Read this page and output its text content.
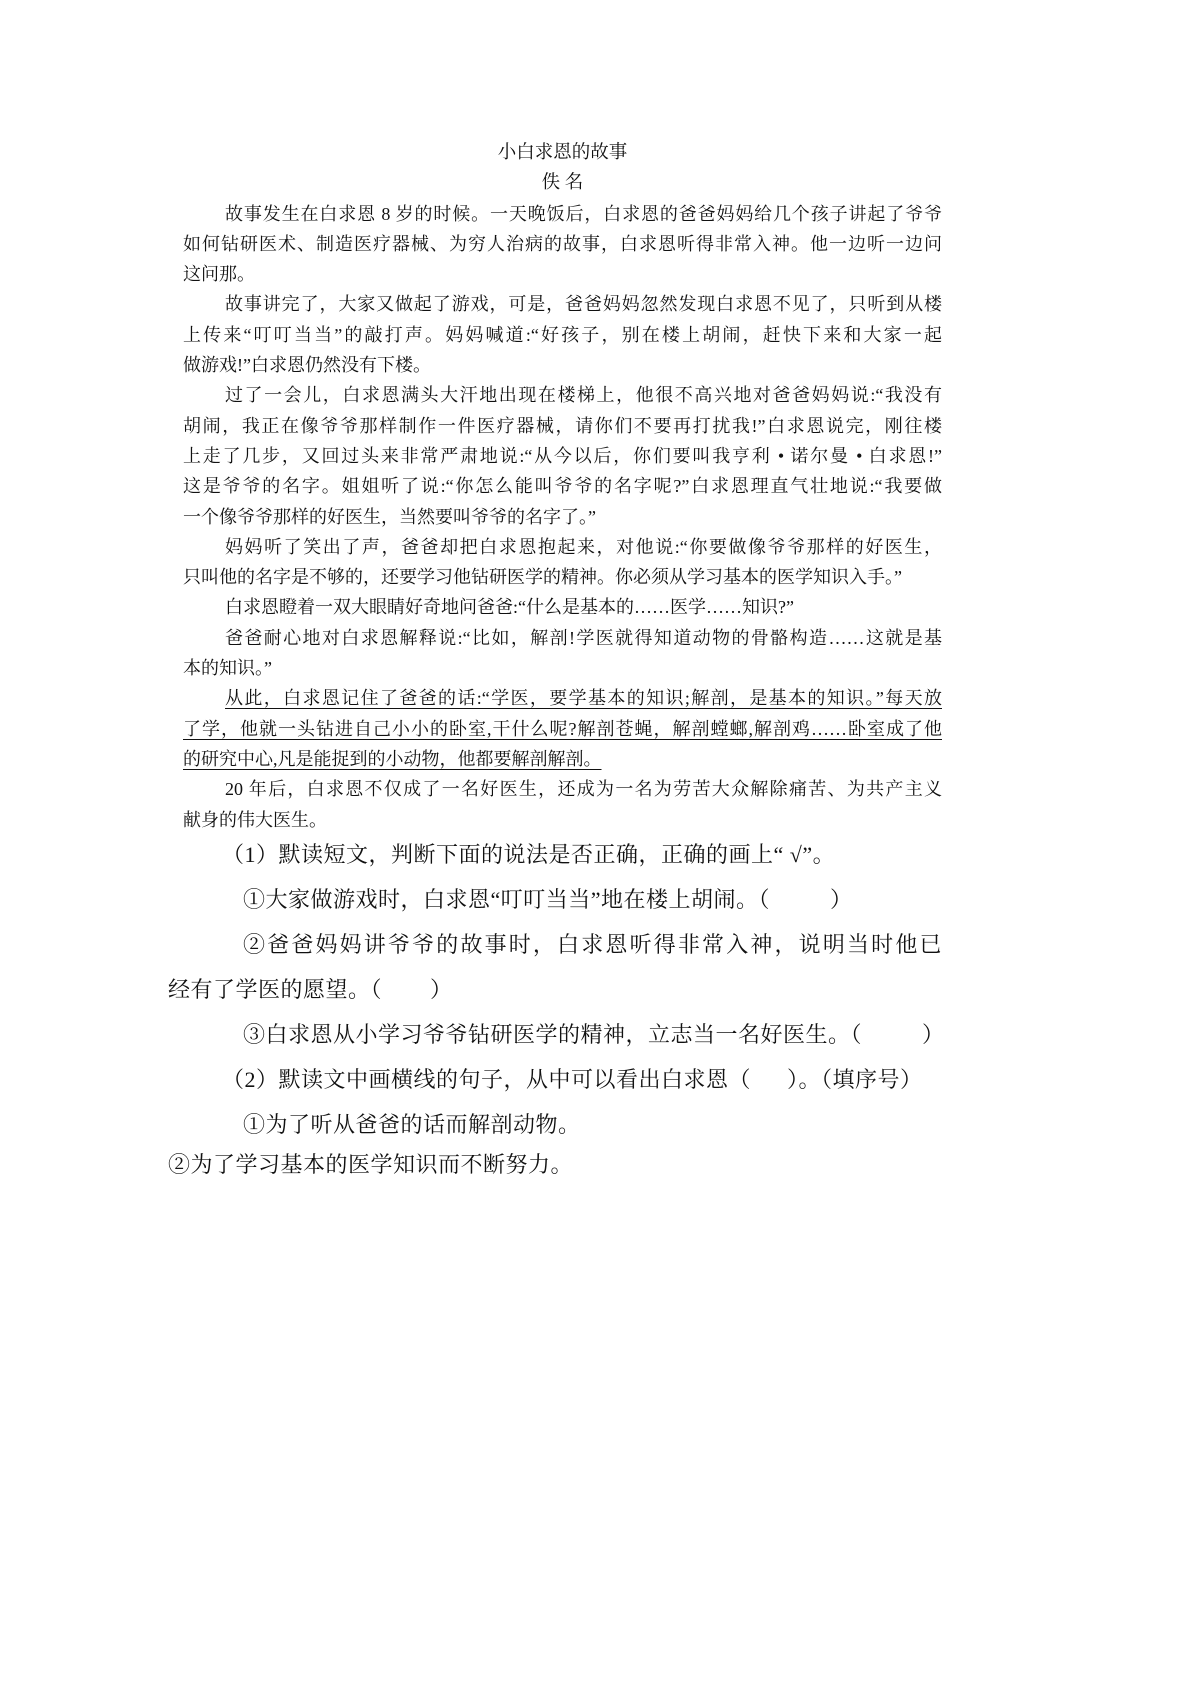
小白求恩的故事
佚 名
故事发生在白求恩 8 岁的时候。一天晚饭后，白求恩的爸爸妈妈给几个孩子讲起了爷爷
如何钻研医术、制造医疗器械、为穷人治病的故事，白求恩听得非常入神。他一边听一边问
这问那。
故事讲完了，大家又做起了游戏，可是，爸爸妈妈忽然发现白求恩不见了，只听到从楼
上传来“叮叮当当”的敲打声。妈妈喊道:“好孩子，别在楼上胡闹，赶快下来和大家一起
做游戏!”白求恩仍然没有下楼。
过了一会儿，白求恩满头大汗地出现在楼梯上，他很不高兴地对爸爸妈妈说:“我没有
胡闹，我正在像爷爷那样制作一件医疗器械，请你们不要再打扰我!”白求恩说完，刚往楼
上走了几步，又回过头来非常严肃地说:“从今以后，你们要叫我亨利 • 诺尔曼 • 白求恩!”
这是爷爷的名字。姐姐听了说:“你怎么能叫爷爷的名字呢?”白求恩理直气壮地说:“我要做
一个像爷爷那样的好医生，当然要叫爷爷的名字了。”
妈妈听了笑出了声，爸爸却把白求恩抱起来，对他说:“你要做像爷爷那样的好医生，
只叫他的名字是不够的，还要学习他钻研医学的精神。你必须从学习基本的医学知识入手。”
白求恩瞪着一双大眼睛好奇地问爸爸:“什么是基本的……医学……知识?”
爸爸耐心地对白求恩解释说:“比如，解剖!学医就得知道动物的骨骼构造……这就是基
本的知识。”
从此，白求恩记住了爸爸的话:“学医，要学基本的知识;解剖，是基本的知识。”每天放
了学，他就一头钻进自己小小的卧室,干什么呢?解剖苍蝇，解剖螳螂,解剖鸡……卧室成了他
的研究中心,凡是能捉到的小动物，他都要解剖解剖。
20 年后，白求恩不仅成了一名好医生，还成为一名为劳苦大众解除痛苦、为共产主义
献身的伟大医生。
（1）默读短文，判断下面的说法是否正确，正确的画上“ √”。
①大家做游戏时，白求恩“叮叮当当”地在楼上胡闹。（          ）
②爸爸妈妈讲爷爷的故事时，白求恩听得非常入神，说明当时他已
经有了学医的愿望。（        ）
③白求恩从小学习爷爷钻研医学的精神，立志当一名好医生。（          ）
（2）默读文中画横线的句子，从中可以看出白求恩（      ）。（填序号）
①为了听从爸爸的话而解剖动物。
②为了学习基本的医学知识而不断努力。
